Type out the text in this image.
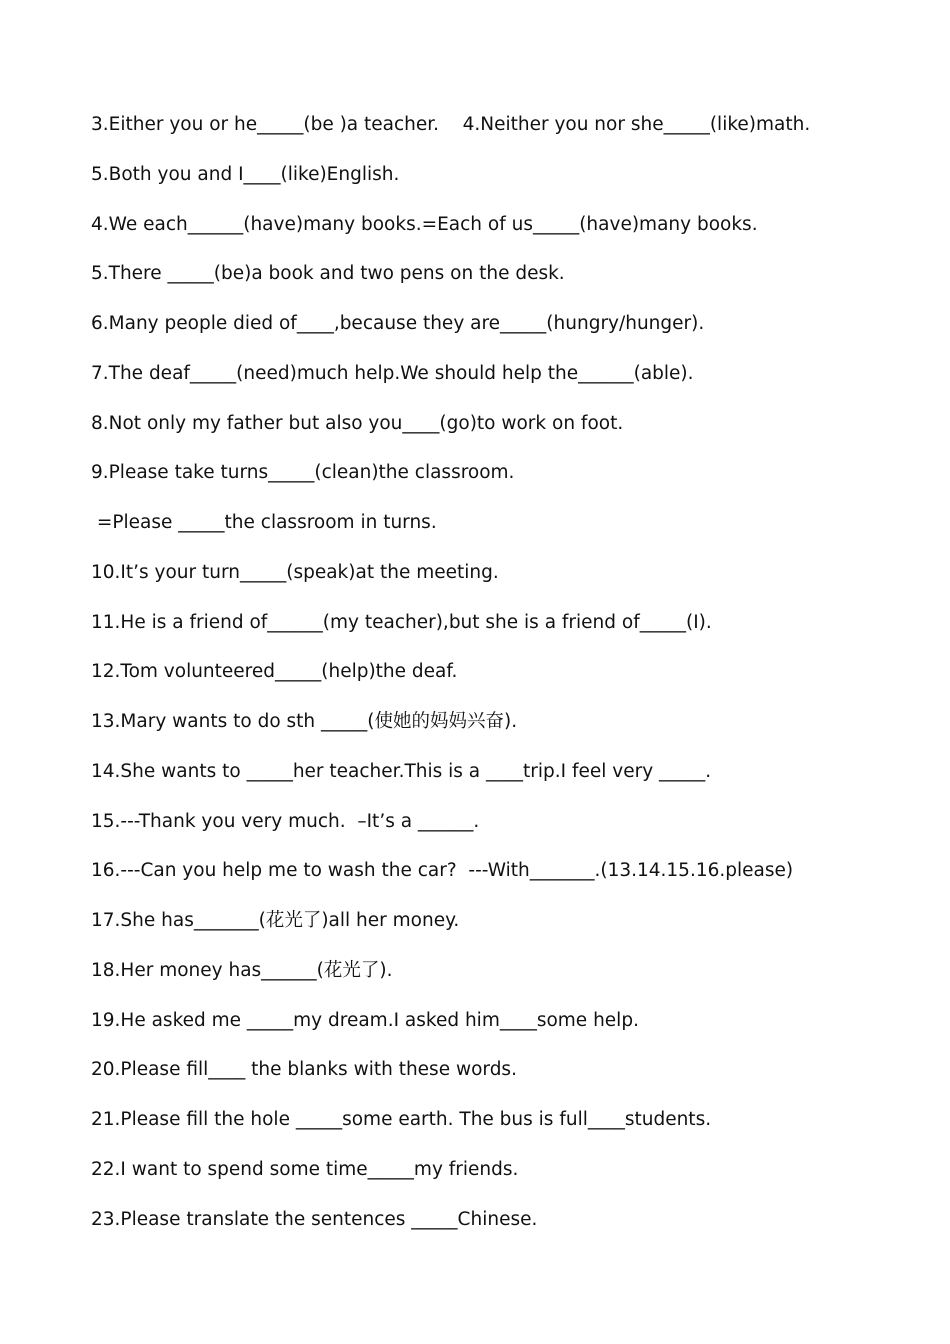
3.Either you or he_____(be )a teacher.    4.Neither you nor she_____(like)math.
5.Both you and I____(like)English.
4.We each______(have)many books.=Each of us_____(have)many books.
5.There _____(be)a book and two pens on the desk.
6.Many people died of____,because they are_____(hungry/hunger).
7.The deaf_____(need)much help.We should help the______(able).
8.Not only my father but also you____(go)to work on foot.
9.Please take turns_____(clean)the classroom.
=Please _____the classroom in turns.
10.It’s your turn_____(speak)at the meeting.
11.He is a friend of______(my teacher),but she is a friend of_____(I).
12.Tom volunteered_____(help)the deaf.
13.Mary wants to do sth _____(使她的妈妈兴奋).
14.She wants to _____her teacher.This is a ____trip.I feel very _____.
15.---Thank you very much.  –It’s a ______.
16.---Can you help me to wash the car?  ---With_______.(13.14.15.16.please)
17.She has_______(花光了)all her money.
18.Her money has______(花光了).
19.He asked me _____my dream.I asked him____some help.
20.Please fill____ the blanks with these words.
21.Please fill the hole _____some earth. The bus is full____students.
22.I want to spend some time_____my friends.
23.Please translate the sentences _____Chinese.
